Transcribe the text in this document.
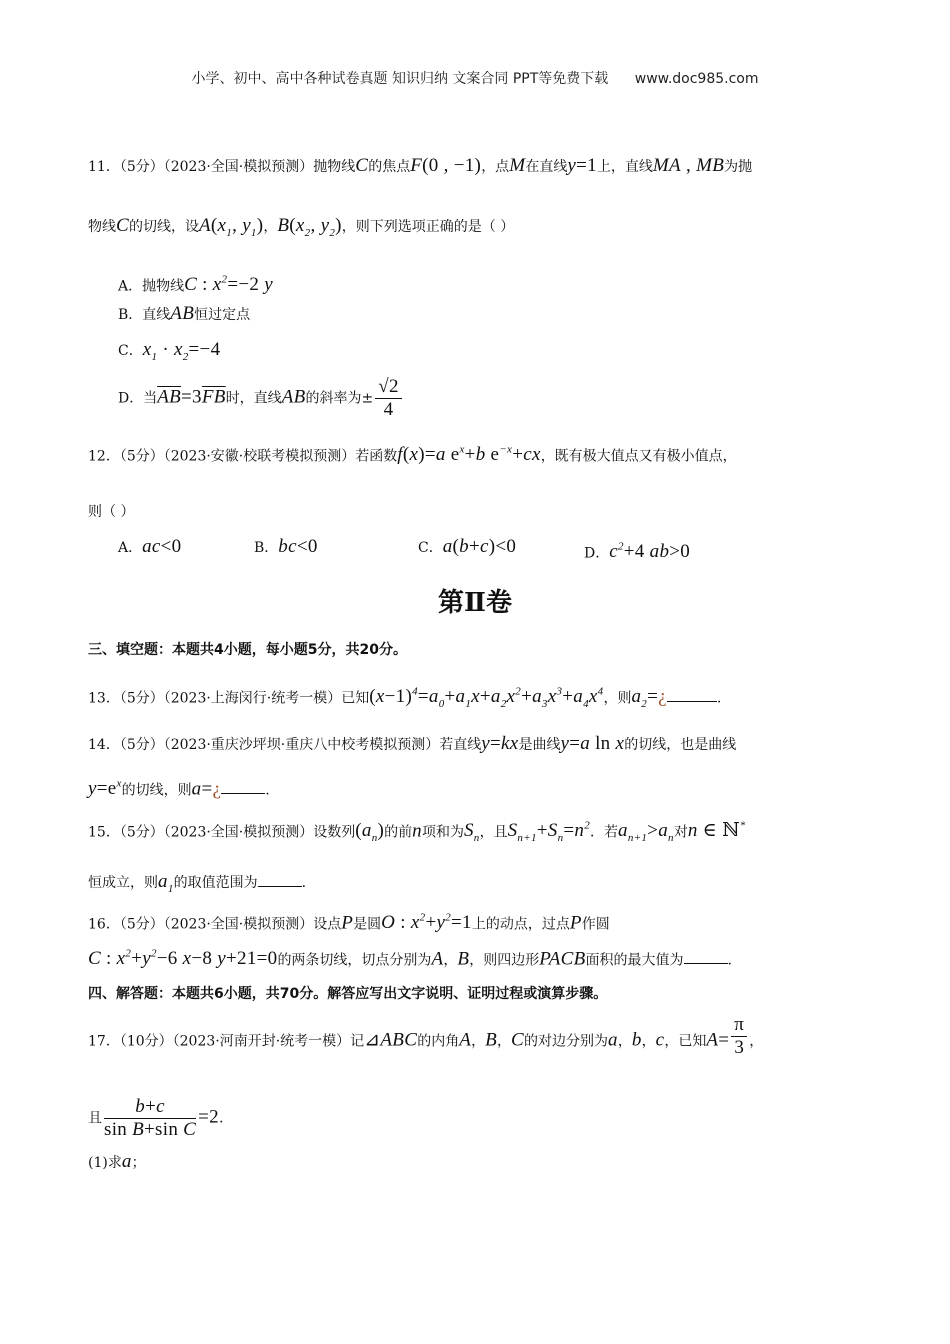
小学、初中、高中各种试卷真题 知识归纳 文案合同 PPT等免费下载 www.doc985.com
11．（5分）（2023·全国·模拟预测）抛物线C的焦点F(0 , −1)，点M在直线y=1上，直线MA , MB为抛
物线C的切线，设$A(x_1$, $y_1$)，$B(x_2$, $y_2$)，则下列选项正确的是（ ）
A．抛物线C : $x^2=-2$ y
B．直线AB恒过定点
C．$x_1 \cdot x_2=-4$
D．当$\overline{AB}=3\overline{FB}$时，直线AB的斜率为± $\frac{√2}{4}$
12．（5分）（2023·安徽·校联考模拟预测）若函数f(x)=a $e^x+b$ $e^{-x}+cx$，既有极大值点又有极小值点，
则（ ）
A．ac<0	B．bc<0	C．a(b+c)<0	D．$c^2+4$ ab>0
第Ⅱ卷
三、填空题：本题共4小题，每小题5分，共20分。
13．（5分）（2023·上海闵行·统考一模）已知$(x-1)^4=a_0+a_1x+a_2x^2+a_3x^3+a_4x^4$，则$a_2=¿$	.
14．（5分）（2023·重庆沙坪坝·重庆八中校考模拟预测）若直线y=kx是曲线y=a ln x的切线，也是曲线
$y=e^x$的切线，则a=¿	.
15．（5分）（2023·全国·模拟预测）设数列$(a_n)$的前n项和为$S_n$，且$S_{n+1}+S_n=n^2$．若$a_{n+1}>a_n$对n ∈ ℕ*
恒成立，则$a_1$的取值范围为	.
16．（5分）（2023·全国·模拟预测）设点P是圆O : $x^2+y^2=1$上的动点，过点P作圆
C : $x^2+y^2-6$ x−8 y+21=0的两条切线，切点分别为A，B，则四边形PACB面积的最大值为	.
四、解答题：本题共6小题，共70分。解答应写出文字说明、证明过程或演算步骤。
17．（10分）（2023·河南开封·统考一模）记⊿ABC的内角A，B，C的对边分别为a，b，c，已知$A= \frac{\pi}{3}$ ，
且 $\frac{b+c}{\text{sin B+sin C}} =2$.
(1)求a；
